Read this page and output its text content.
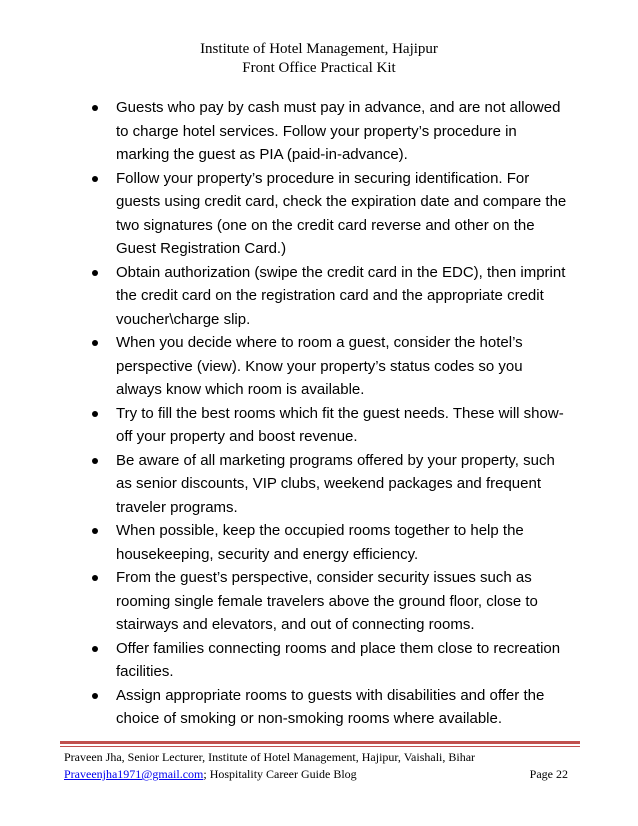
Institute of Hotel Management, Hajipur
Front Office Practical Kit
Guests who pay by cash must pay in advance, and are not allowed to charge hotel services. Follow your property’s procedure in marking the guest as PIA (paid-in-advance).
Follow your property’s procedure in securing identification. For guests using credit card, check the expiration date and compare the two signatures (one on the credit card reverse and other on the Guest Registration Card.)
Obtain authorization (swipe the credit card in the EDC), then imprint the credit card on the registration card and the appropriate credit voucher\charge slip.
When you decide where to room a guest, consider the hotel’s perspective (view). Know your property’s status codes so you always know which room is available.
Try to fill the best rooms which fit the guest needs. These will show-off your property and boost revenue.
Be aware of all marketing programs offered by your property, such as senior discounts, VIP clubs, weekend packages and frequent traveler programs.
When possible, keep the occupied rooms together to help the housekeeping, security and energy efficiency.
From the guest’s perspective, consider security issues such as rooming single female travelers above the ground floor, close to stairways and elevators, and out of connecting rooms.
Offer families connecting rooms and place them close to recreation facilities.
Assign appropriate rooms to guests with disabilities and offer the choice of smoking or non-smoking rooms where available.
Praveen Jha, Senior Lecturer, Institute of Hotel Management, Hajipur, Vaishali, Bihar
Praveenjha1971@gmail.com; Hospitality Career Guide Blog	Page 22
